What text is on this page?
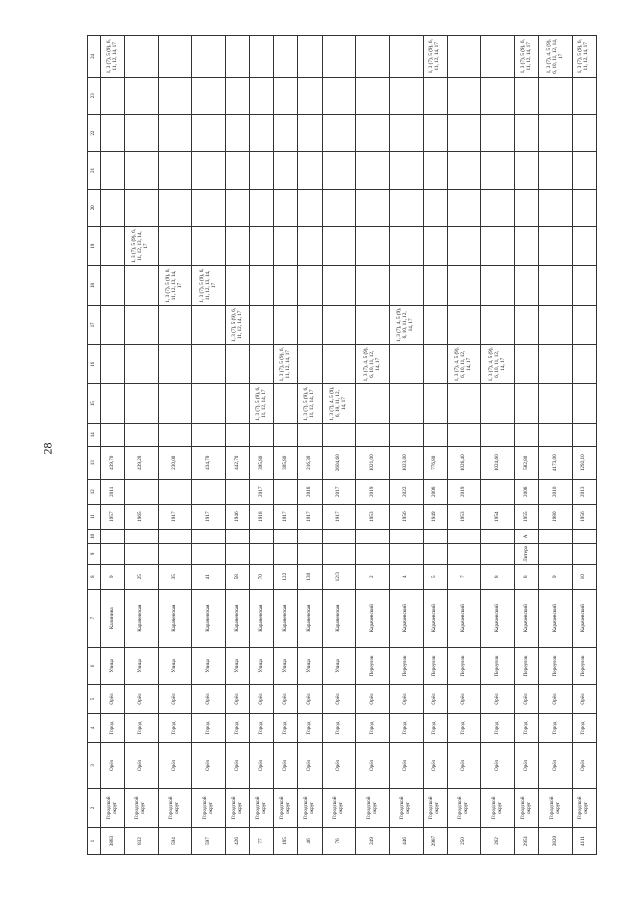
28
1	2	3	4	5	6	7	8	9	10	11	12	13	14	15	16	17	18	19	20	21	22	23	24
3883	Городской округ	Орёл	Город	Орёл	Улица	Калинина	9			1957	2011	439,70											1, 3 (7), 5 (9), 6, 11, 12, 14, 17
832	Городской округ	Орёл	Город	Орёл	Улица	Карачевская	25			1965		439,20						1, 3 (7), 5 (9), 6, 11, 12, 13, 14, 17					
594	Городской округ	Орёл	Город	Орёл	Улица	Карачевская	35			1917		230,00					1, 3 (7), 5 (9), 6, 11, 12, 13, 14, 17						
597	Городской округ	Орёл	Город	Орёл	Улица	Карачевская	41			1917		434,70					1, 3 (7), 5 (9), 6, 11, 12, 13, 14, 17						
426	Городской округ	Орёл	Город	Орёл	Улица	Карачевская	58			1946		442,70				1, 3 (7), 5 (9), 6, 11, 12, 14, 17							
77	Городской округ	Орёл	Город	Орёл	Улица	Карачевская	70			1918	2017	395,80		1, 3 (7), 5 (9), 6, 11, 12, 14, 17									
185	Городской округ	Орёл	Город	Орёл	Улица	Карачевская	122			1917		305,80			1, 3 (7), 5 (9), 6, 11, 12, 14, 17								
46	Городской округ	Орёл	Город	Орёл	Улица	Карачевская	130			1917	2018	216,30		1, 3 (7), 5 (9), 6, 11, 12, 14, 17									
76	Городской округ	Орёл	Город	Орёл	Улица	Карачевская	12/3			1917	2017	2604,60		1, 3 (7), 4, 5 (9), 6, 10, 11, 12, 14, 17									
249	Городской округ	Орёл	Город	Орёл	Переулок	Карачевский	2			1953	2019	1021,00			1, 3 (7), 4, 5 (9), 6, 10, 11, 12, 14, 17								
446	Городской округ	Орёл	Город	Орёл	Переулок	Карачевский	4			1956	2022	1023,00				1, 3 (7), 4, 5 (9), 6, 10, 11, 12, 14, 17							
2987	Городской округ	Орёл	Город	Орёл	Переулок	Карачевский	5			1949	2008	776,80											1, 3 (7), 5 (9), 6, 11, 12, 14, 17
250	Городской округ	Орёл	Город	Орёл	Переулок	Карачевский	7			1953	2019	1026,40			1, 3 (7), 4, 5 (9), 6, 10, 11, 12, 14, 17								
262	Городской округ	Орёл	Город	Орёл	Переулок	Карачевский	8			1954		1024,60			1, 3 (7), 4, 5 (9), 6, 10, 11, 12, 14, 17								
2951	Городской округ	Орёл	Город	Орёл	Переулок	Карачевский	8	Литера	А	1955	2008	582,80											1, 3 (7), 5 (9), 6, 11, 12, 14, 17
3820	Городской округ	Орёл	Город	Орёл	Переулок	Карачевский	9			1980	2010	4173,00											1, 3 (7), 4, 5 (9), 6, 10, 11, 12, 14, 17
4111	Городской округ	Орёл	Город	Орёл	Переулок	Карачевский	10			1956	2013	1292,10											1, 3 (7), 5 (9), 6, 11, 12, 14, 17
